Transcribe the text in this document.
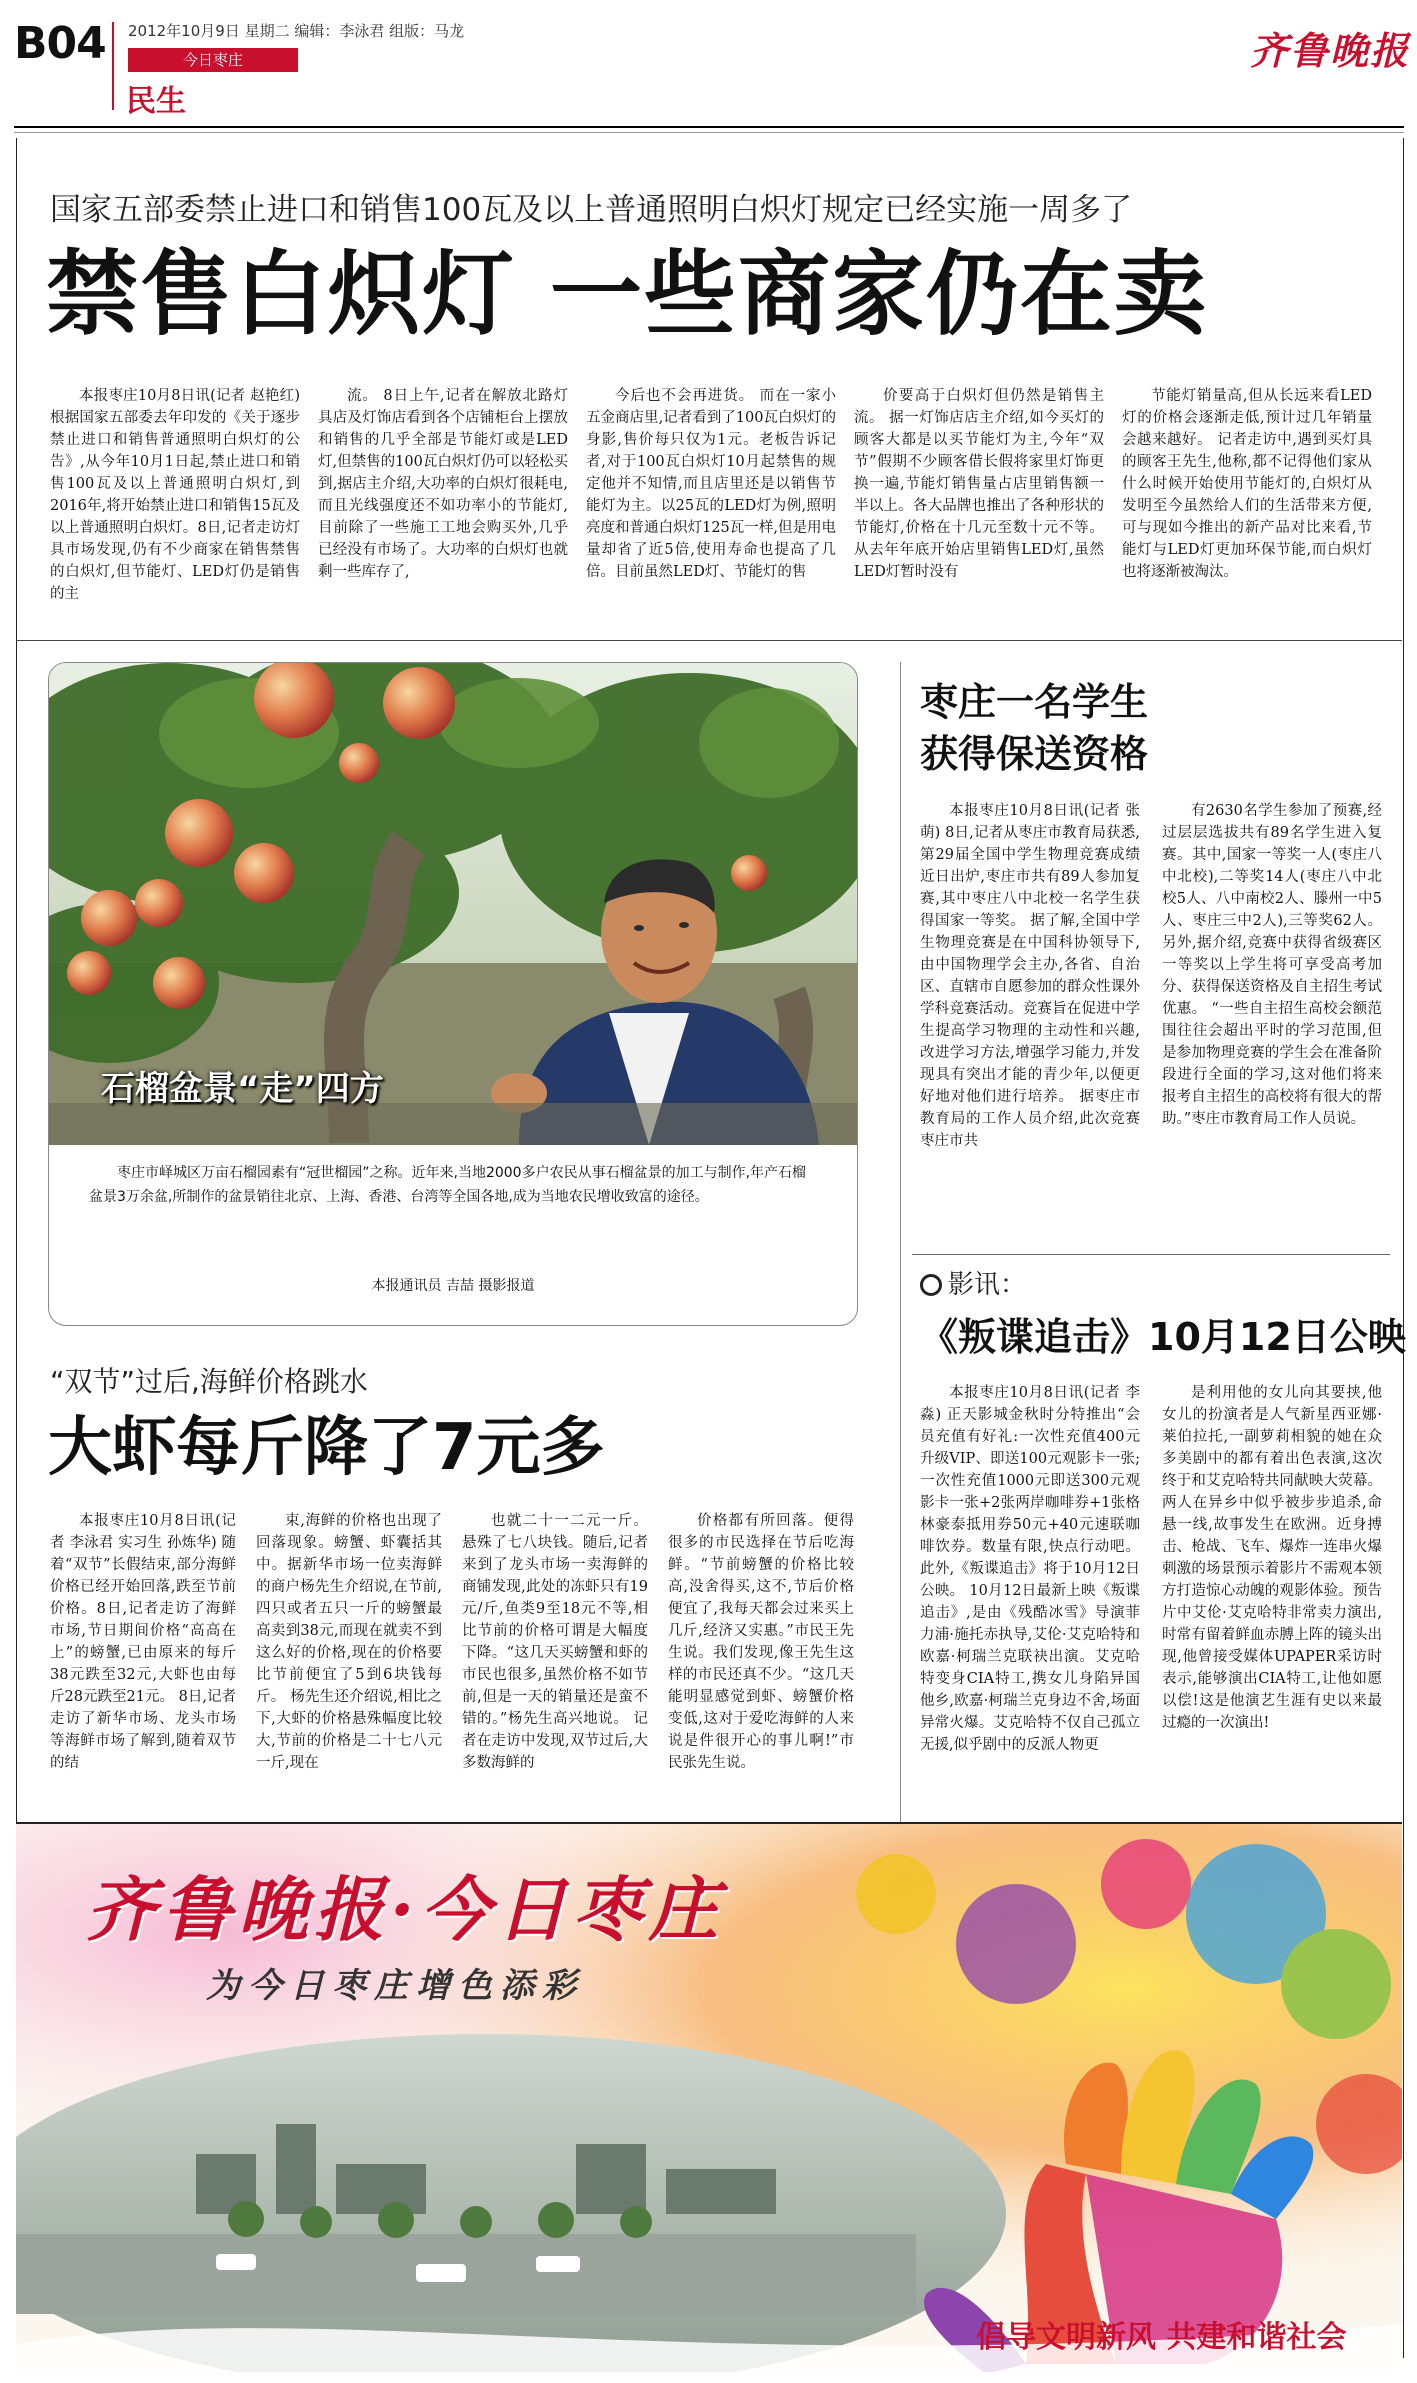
B04 2012年10月9日 星期二 编辑：李泳君 组版：马龙
今日枣庄
民生
齐鲁晚报
国家五部委禁止进口和销售100瓦及以上普通照明白炽灯规定已经实施一周多了
禁售白炽灯 一些商家仍在卖

本报枣庄10月8日讯(记者 赵艳红) 根据国家五部委去年印发的《关于逐步禁止进口和销售普通照明白炽灯的公告》,从今年10月1日起,禁止进口和销售100瓦及以上普通照明白炽灯,到2016年,将开始禁止进口和销售15瓦及以上普通照明白炽灯。8日,记者走访灯具市场发现,仍有不少商家在销售禁售的白炽灯,但节能灯、LED灯仍是销售的主

流。 8日上午,记者在解放北路灯具店及灯饰店看到各个店铺柜台上摆放和销售的几乎全部是节能灯或是LED灯,但禁售的100瓦白炽灯仍可以轻松买到,据店主介绍,大功率的白炽灯很耗电,而且光线强度还不如功率小的节能灯,目前除了一些施工工地会购买外,几乎已经没有市场了。大功率的白炽灯也就剩一些库存了,

今后也不会再进货。 而在一家小五金商店里,记者看到了100瓦白炽灯的身影,售价每只仅为1元。老板告诉记者,对于100瓦白炽灯10月起禁售的规定他并不知情,而且店里还是以销售节能灯为主。以25瓦的LED灯为例,照明亮度和普通白炽灯125瓦一样,但是用电量却省了近5倍,使用寿命也提高了几倍。目前虽然LED灯、节能灯的售

价要高于白炽灯但仍然是销售主流。 据一灯饰店店主介绍,如今买灯的顾客大都是以买节能灯为主,今年“双节”假期不少顾客借长假将家里灯饰更换一遍,节能灯销售量占店里销售额一半以上。各大品牌也推出了各种形状的节能灯,价格在十几元至数十元不等。从去年年底开始店里销售LED灯,虽然LED灯暂时没有

节能灯销量高,但从长远来看LED灯的价格会逐渐走低,预计过几年销量会越来越好。 记者走访中,遇到买灯具的顾客王先生,他称,都不记得他们家从什么时候开始使用节能灯的,白炽灯从发明至今虽然给人们的生活带来方便,可与现如今推出的新产品对比来看,节能灯与LED灯更加环保节能,而白炽灯也将逐渐被淘汰。

石榴盆景“走”四方
枣庄市峄城区万亩石榴园素有“冠世榴园”之称。近年来,当地2000多户农民从事石榴盆景的加工与制作,年产石榴盆景3万余盆,所制作的盆景销往北京、上海、香港、台湾等全国各地,成为当地农民增收致富的途径。
本报通讯员 吉喆 摄影报道
枣庄一名学生
获得保送资格

本报枣庄10月8日讯(记者 张萌) 8日,记者从枣庄市教育局获悉,第29届全国中学生物理竞赛成绩近日出炉,枣庄市共有89人参加复赛,其中枣庄八中北校一名学生获得国家一等奖。 据了解,全国中学生物理竞赛是在中国科协领导下,由中国物理学会主办,各省、自治区、直辖市自愿参加的群众性课外学科竞赛活动。竞赛旨在促进中学生提高学习物理的主动性和兴趣,改进学习方法,增强学习能力,并发现具有突出才能的青少年,以便更好地对他们进行培养。 据枣庄市教育局的工作人员介绍,此次竞赛枣庄市共

有2630名学生参加了预赛,经过层层选拔共有89名学生进入复赛。其中,国家一等奖一人(枣庄八中北校),二等奖14人(枣庄八中北校5人、八中南校2人、滕州一中5人、枣庄三中2人),三等奖62人。另外,据介绍,竞赛中获得省级赛区一等奖以上学生将可享受高考加分、获得保送资格及自主招生考试优惠。 “一些自主招生高校会额范围往往会超出平时的学习范围,但是参加物理竞赛的学生会在准备阶段进行全面的学习,这对他们将来报考自主招生的高校将有很大的帮助。”枣庄市教育局工作人员说。

影讯：
《叛谍追击》10月12日公映

本报枣庄10月8日讯(记者 李淼) 正天影城金秋时分特推出“会员充值有好礼:一次性充值400元升级VIP、即送100元观影卡一张;一次性充值1000元即送300元观影卡一张+2张两岸咖啡券+1张格林豪泰抵用券50元+40元速联咖啡饮券。数量有限,快点行动吧。此外,《叛谍追击》将于10月12日公映。 10月12日最新上映《叛谍追击》,是由《残酷冰雪》导演菲力浦·施托赤执导,艾伦·艾克哈特和欧嘉·柯瑞兰克联袂出演。艾克哈特变身CIA特工,携女儿身陷异国他乡,欧嘉·柯瑞兰克身边不舍,场面异常火爆。艾克哈特不仅自己孤立无援,似乎剧中的反派人物更

是利用他的女儿向其要挟,他女儿的扮演者是人气新星西亚娜·莱伯拉托,一副萝莉相貌的她在众多美剧中的都有着出色表演,这次终于和艾克哈特共同献映大荧幕。两人在异乡中似乎被步步追杀,命悬一线,故事发生在欧洲。近身搏击、枪战、飞车、爆炸一连串火爆刺激的场景预示着影片不需观本领方打造惊心动魄的观影体验。预告片中艾伦·艾克哈特非常卖力演出,时常有留着鲜血赤膊上阵的镜头出现,他曾接受媒体UPAPER采访时表示,能够演出CIA特工,让他如愿以偿!这是他演艺生涯有史以来最过瘾的一次演出!

“双节”过后,海鲜价格跳水
大虾每斤降了7元多

本报枣庄10月8日讯(记者 李泳君 实习生 孙炼华) 随着“双节”长假结束,部分海鲜价格已经开始回落,跌至节前价格。8日,记者走访了海鲜市场,节日期间价格“高高在上”的螃蟹,已由原来的每斤38元跌至32元,大虾也由每斤28元跌至21元。 8日,记者走访了新华市场、龙头市场等海鲜市场了解到,随着双节的结

束,海鲜的价格也出现了回落现象。螃蟹、虾囊括其中。据新华市场一位卖海鲜的商户杨先生介绍说,在节前,四只或者五只一斤的螃蟹最高卖到38元,而现在就卖不到这么好的价格,现在的价格要比节前便宜了5到6块钱每斤。 杨先生还介绍说,相比之下,大虾的价格悬殊幅度比较大,节前的价格是二十七八元一斤,现在

也就二十一二元一斤。悬殊了七八块钱。随后,记者来到了龙头市场一卖海鲜的商铺发现,此处的冻虾只有19元/斤,鱼类9至18元不等,相比节前的价格可谓是大幅度下降。“这几天买螃蟹和虾的市民也很多,虽然价格不如节前,但是一天的销量还是蛮不错的。”杨先生高兴地说。 记者在走访中发现,双节过后,大多数海鲜的

价格都有所回落。便得很多的市民选择在节后吃海鲜。“节前螃蟹的价格比较高,没舍得买,这不,节后价格便宜了,我每天都会过来买上几斤,经济又实惠。”市民王先生说。我们发现,像王先生这样的市民还真不少。“这几天能明显感觉到虾、螃蟹价格变低,这对于爱吃海鲜的人来说是件很开心的事儿啊!”市民张先生说。

齐鲁晚报·今日枣庄
为今日枣庄增色添彩
倡导文明新风 共建和谐社会
